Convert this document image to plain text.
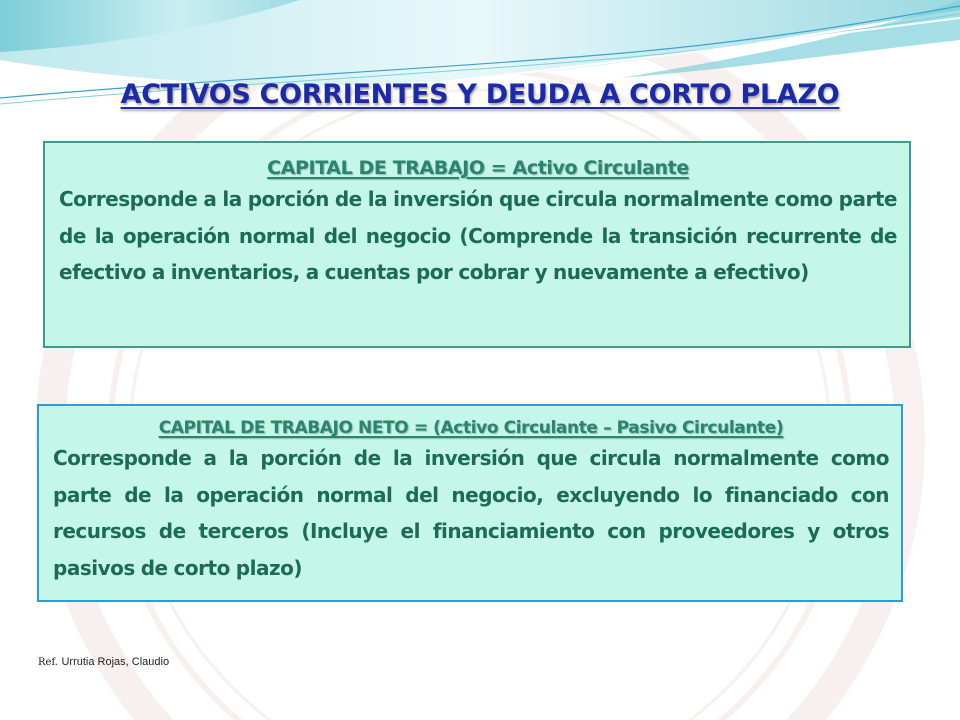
ACTIVOS CORRIENTES Y DEUDA A CORTO PLAZO
CAPITAL DE TRABAJO = Activo Circulante
Corresponde a la porción de la inversión que circula normalmente como parte de la operación normal del negocio (Comprende la transición recurrente de efectivo a inventarios, a cuentas por cobrar y nuevamente a efectivo)
CAPITAL DE TRABAJO NETO = (Activo Circulante – Pasivo Circulante)
Corresponde a la porción de la inversión que circula normalmente como parte de la operación normal del negocio, excluyendo lo financiado con recursos de terceros (Incluye el financiamiento con proveedores y otros pasivos de corto plazo)
Ref. Urrutia Rojas, Claudio
